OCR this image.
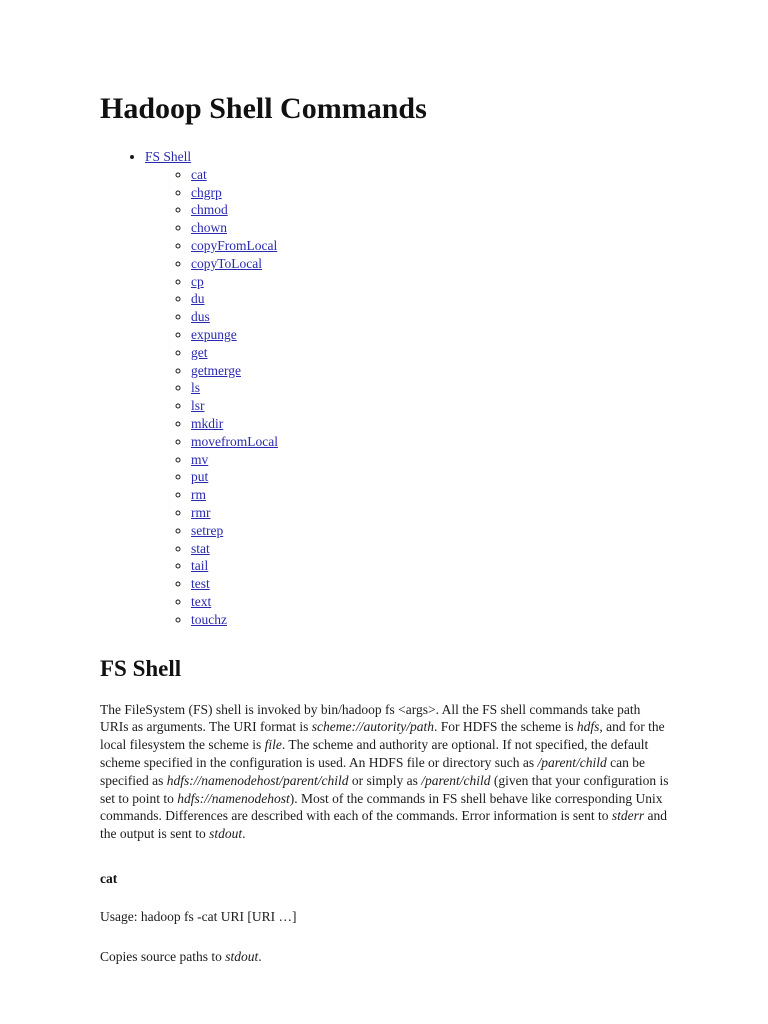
Hadoop Shell Commands
• FS Shell
◦ cat
◦ chgrp
◦ chmod
◦ chown
◦ copyFromLocal
◦ copyToLocal
◦ cp
◦ du
◦ dus
◦ expunge
◦ get
◦ getmerge
◦ ls
◦ lsr
◦ mkdir
◦ movefromLocal
◦ mv
◦ put
◦ rm
◦ rmr
◦ setrep
◦ stat
◦ tail
◦ test
◦ text
◦ touchz
FS Shell

The FileSystem (FS) shell is invoked by bin/hadoop fs <args>. All the FS shell commands take path URIs as arguments. The URI format is scheme://autority/path. For HDFS the scheme is hdfs, and for the local filesystem the scheme is file. The scheme and authority are optional. If not specified, the default scheme specified in the configuration is used. An HDFS file or directory such as /parent/child can be specified as hdfs://namenodehost/parent/child or simply as /parent/child (given that your configuration is set to point to hdfs://namenodehost). Most of the commands in FS shell behave like corresponding Unix commands. Differences are described with each of the commands. Error information is sent to stderr and the output is sent to stdout.

cat

Usage: hadoop fs -cat URI [URI …]

Copies source paths to stdout.
